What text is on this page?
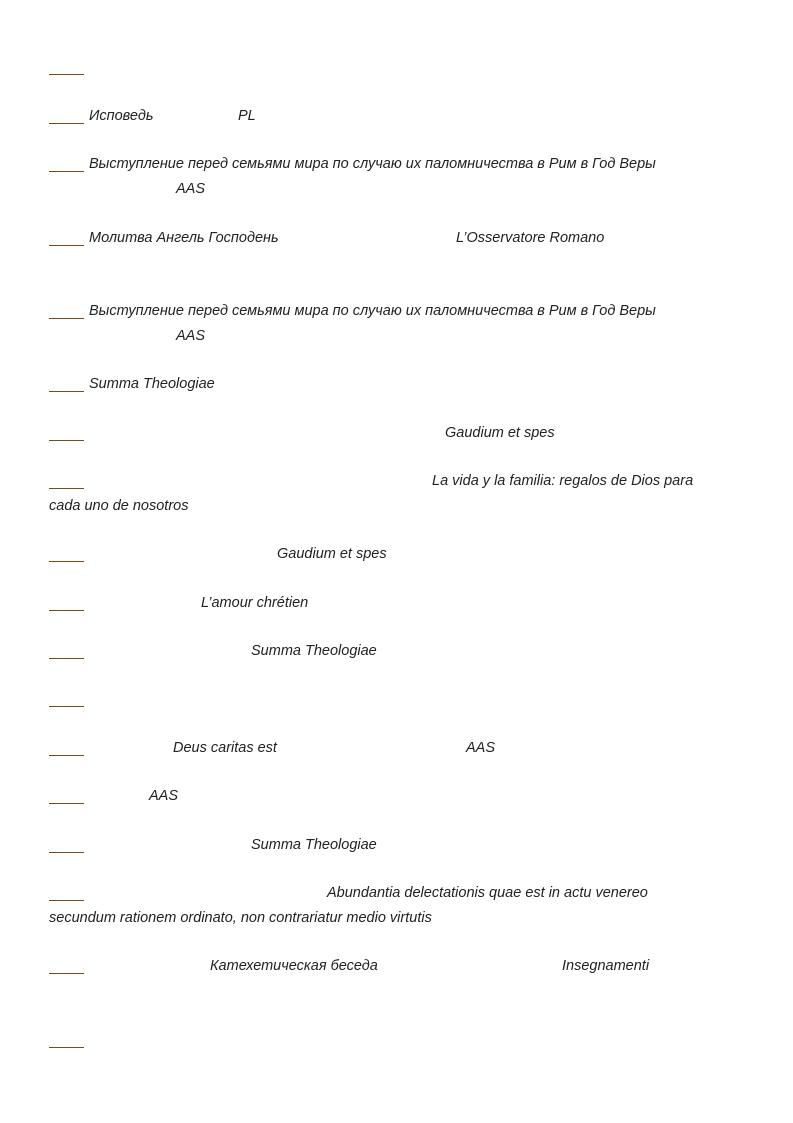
Исповедь	PL
Выступление перед семьями мира по случаю их паломничества в Рим в Год Веры
AAS
Молитва Ангель Господень	L’Osservatore Romano
Выступление перед семьями мира по случаю их паломничества в Рим в Год Веры
AAS
Summa Theologiae
Gaudium et spes
La vida y la familia: regalos de Dios para
cada uno de nosotros
Gaudium et spes
L’amour chrétien
Summa Theologiae
Deus caritas est	AAS
AAS
Summa Theologiae
Abundantia delectationis quae est in actu venereo
secundum rationem ordinato, non contrariatur medio virtutis
Катехетическая беседа	Insegnamenti
